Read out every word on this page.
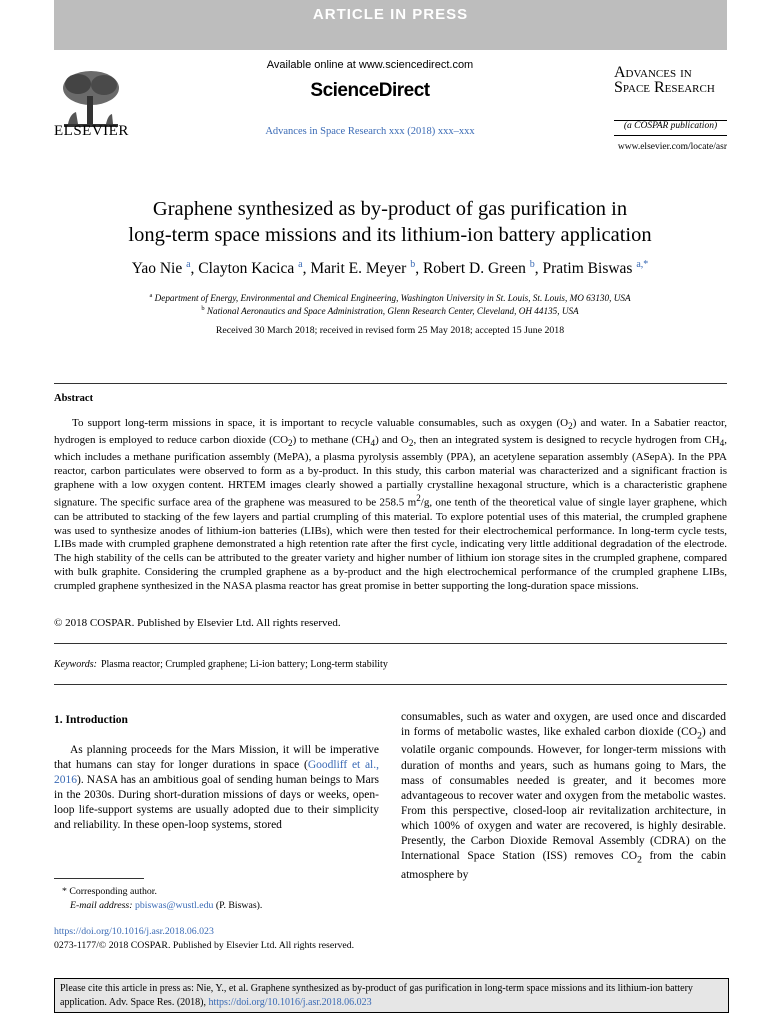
ARTICLE IN PRESS
ELSEVIER
Available online at www.sciencedirect.com
ScienceDirect
Advances in Space Research xxx (2018) xxx–xxx
Advances in Space Research
(a COSPAR publication)
www.elsevier.com/locate/asr
Graphene synthesized as by-product of gas purification in
long-term space missions and its lithium-ion battery application
Yao Nie $^a$, Clayton Kacica $^a$, Marit E. Meyer $^b$, Robert D. Green $^b$, Pratim Biswas $^{a,*}$
$^a$ Department of Energy, Environmental and Chemical Engineering, Washington University in St. Louis, St. Louis, MO 63130, USA
$^b$ National Aeronautics and Space Administration, Glenn Research Center, Cleveland, OH 44135, USA
Received 30 March 2018; received in revised form 25 May 2018; accepted 15 June 2018
Abstract

To support long-term missions in space, it is important to recycle valuable consumables, such as oxygen $(O_2)$ and water. In a Sabatier reactor, hydrogen is employed to reduce carbon dioxide $(CO_2)$ to methane $(CH_4)$ and $O_2$, then an integrated system is designed to recycle hydrogen from $CH_4$, which includes a methane purification assembly (MePA), a plasma pyrolysis assembly (PPA), an acetylene separation assembly (ASepA). In the PPA reactor, carbon particulates were observed to form as a by-product. In this study, this carbon material was characterized and a significant fraction is graphene with a low oxygen content. HRTEM images clearly showed a partially crystalline hexagonal structure, which is a characteristic graphene signature. The specific surface area of the graphene was measured to be 258.5 $m^2/g$, one tenth of the theoretical value of single layer graphene, which can be attributed to stacking of the few layers and partial crumpling of this material. To explore potential uses of this material, the crumpled graphene was used to synthesize anodes of lithium-ion batteries (LIBs), which were then tested for their electrochemical performance. In long-term cycle tests, LIBs made with crumpled graphene demonstrated a high retention rate after the first cycle, indicating very little additional degradation of the electrode. The high stability of the cells can be attributed to the greater variety and higher number of lithium ion storage sites in the crumpled graphene, compared with bulk graphite. Considering the crumpled graphene as a by-product and the high electrochemical performance of the crumpled graphene LIBs, crumpled graphene synthesized in the NASA plasma reactor has great promise in better supporting the long-duration space missions.

© 2018 COSPAR. Published by Elsevier Ltd. All rights reserved.
Keywords: Plasma reactor; Crumpled graphene; Li-ion battery; Long-term stability
1. Introduction
As planning proceeds for the Mars Mission, it will be imperative that humans can stay for longer durations in space (Goodliff et al., 2016). NASA has an ambitious goal of sending human beings to Mars in the 2030s. During short-duration missions of days or weeks, open-loop life-support systems are usually adopted due to their simplicity and reliability. In these open-loop systems, stored
consumables, such as water and oxygen, are used once and discarded in forms of metabolic wastes, like exhaled carbon dioxide $(CO_2)$ and volatile organic compounds. However, for longer-term missions with duration of months and years, such as humans going to Mars, the mass of consumables needed is greater, and it becomes more advantageous to recover water and oxygen from the metabolic wastes. From this perspective, closed-loop air revitalization architecture, in which 100% of oxygen and water are recovered, is highly desirable. Presently, the Carbon Dioxide Removal Assembly (CDRA) on the International Space Station (ISS) removes $CO_2$ from the cabin atmosphere by
* Corresponding author.
E-mail address: pbiswas@wustl.edu (P. Biswas).
https://doi.org/10.1016/j.asr.2018.06.023
0273-1177/© 2018 COSPAR. Published by Elsevier Ltd. All rights reserved.
Please cite this article in press as: Nie, Y., et al. Graphene synthesized as by-product of gas purification in long-term space missions and its lithium-ion battery application. Adv. Space Res. (2018), https://doi.org/10.1016/j.asr.2018.06.023
